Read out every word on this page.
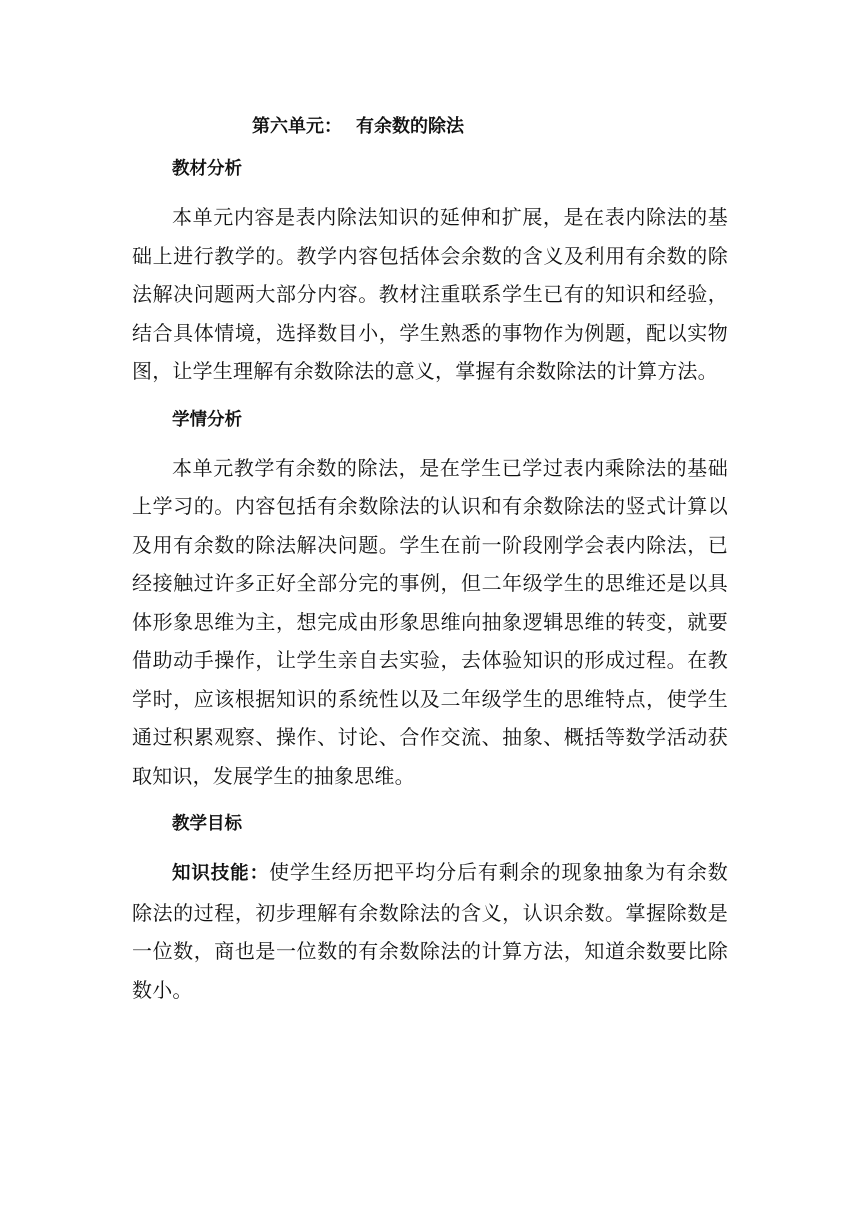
第六单元： 有余数的除法
教材分析

本单元内容是表内除法知识的延伸和扩展，是在表内除法的基础上进行教学的。教学内容包括体会余数的含义及利用有余数的除法解决问题两大部分内容。教材注重联系学生已有的知识和经验，结合具体情境，选择数目小，学生熟悉的事物作为例题，配以实物图，让学生理解有余数除法的意义，掌握有余数除法的计算方法。

学情分析

本单元教学有余数的除法，是在学生已学过表内乘除法的基础上学习的。内容包括有余数除法的认识和有余数除法的竖式计算以及用有余数的除法解决问题。学生在前一阶段刚学会表内除法，已经接触过许多正好全部分完的事例，但二年级学生的思维还是以具体形象思维为主，想完成由形象思维向抽象逻辑思维的转变，就要借助动手操作，让学生亲自去实验，去体验知识的形成过程。在教学时，应该根据知识的系统性以及二年级学生的思维特点，使学生通过积累观察、操作、讨论、合作交流、抽象、概括等数学活动获取知识，发展学生的抽象思维。

教学目标

知识技能：使学生经历把平均分后有剩余的现象抽象为有余数除法的过程，初步理解有余数除法的含义，认识余数。掌握除数是一位数，商也是一位数的有余数除法的计算方法，知道余数要比除数小。
